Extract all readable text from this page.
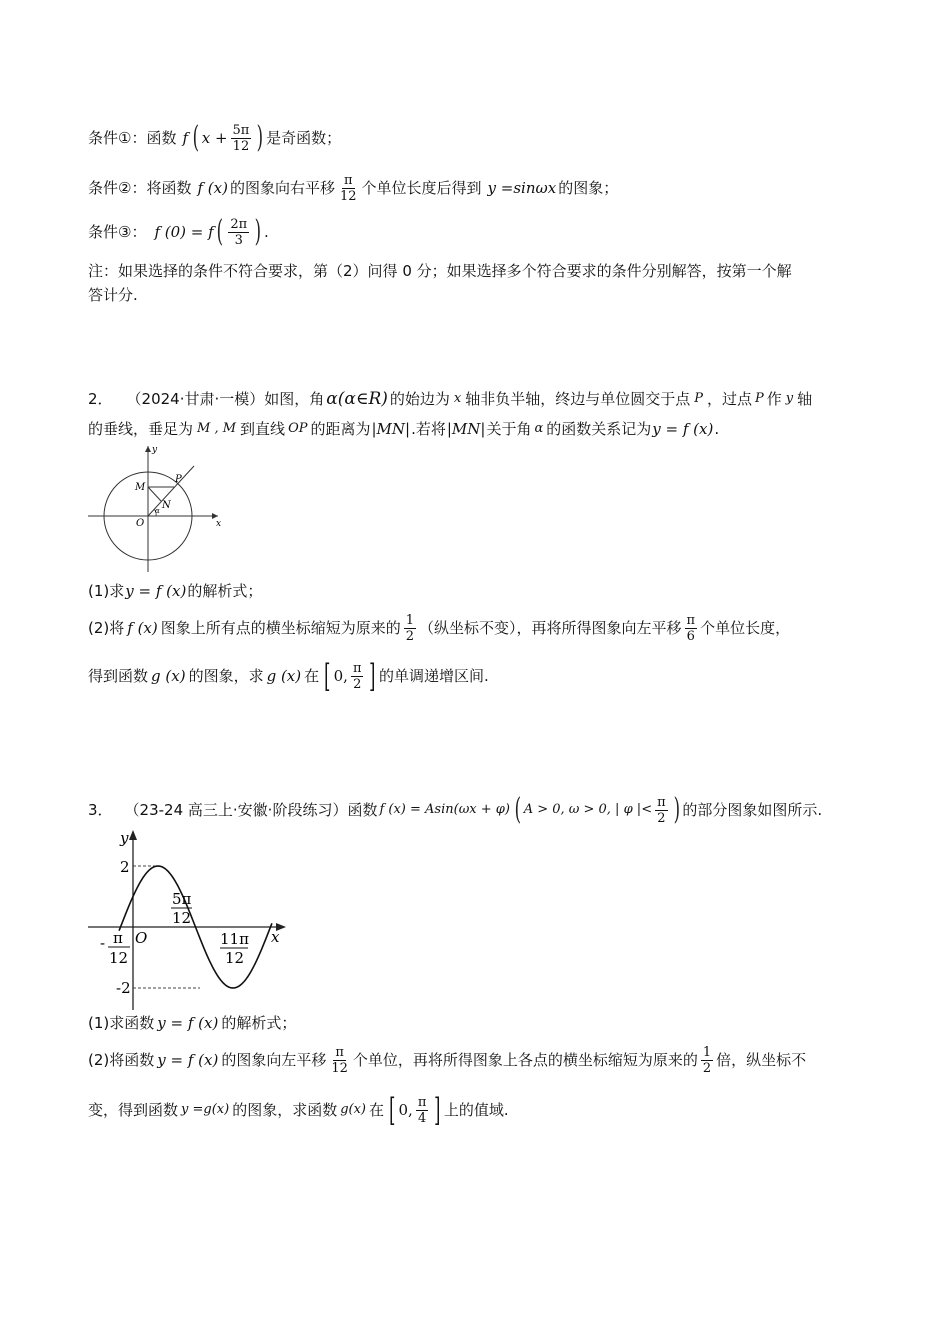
条件①：函数 f ( $x + \frac{5\pi}{12}$ ) 是奇函数；
条件②：将函数 f (x) 的图象向右平移 $\frac{\pi}{12}$ 个单位长度后得到 y =sinωx 的图象；
条件③： f (0) = f ( $\frac{2\pi}{3}$ ) .
注：如果选择的条件不符合要求，第（2）问得 0 分；如果选择多个符合要求的条件分别解答，按第一个解
答计分.
2． （2024·甘肃·一模）如图，角 α(α∈R) 的始边为 x 轴非负半轴，终边与单位圆交于点 P ，过点 P 作 y 轴
的垂线，垂足为 M , M 到直线 OP 的距离为 |MN| .若将 |MN| 关于角 α 的函数关系记为 y = f (x) .
y
x
P
M
N
O
α
(1)求 y = f (x) 的解析式；
(2)将 f (x) 图象上所有点的横坐标缩短为原来的 $\frac{1}{2}$ （纵坐标不变），再将所得图象向左平移 $\frac{\pi}{6}$ 个单位长度，
得到函数 g (x) 的图象，求 g (x) 在 [ 0, $\frac{\pi}{2}$ ] 的单调递增区间.
3． （23-24 高三上·安徽·阶段练习）函数 f (x) = Asin(ωx + φ) ( A > 0, ω > 0, | φ |< $\frac{\pi}{2}$ ) 的部分图象如图所示.
y
x
O
2
-2
5π
12
11π
12
- π
12
(1)求函数 y = f (x) 的解析式；
(2)将函数 y = f (x) 的图象向左平移 $\frac{\pi}{12}$ 个单位，再将所得图象上各点的横坐标缩短为原来的 $\frac{1}{2}$ 倍，纵坐标不
变，得到函数 y =g(x) 的图象，求函数 g(x) 在 [ 0, $\frac{\pi}{4}$ ] 上的值域.
